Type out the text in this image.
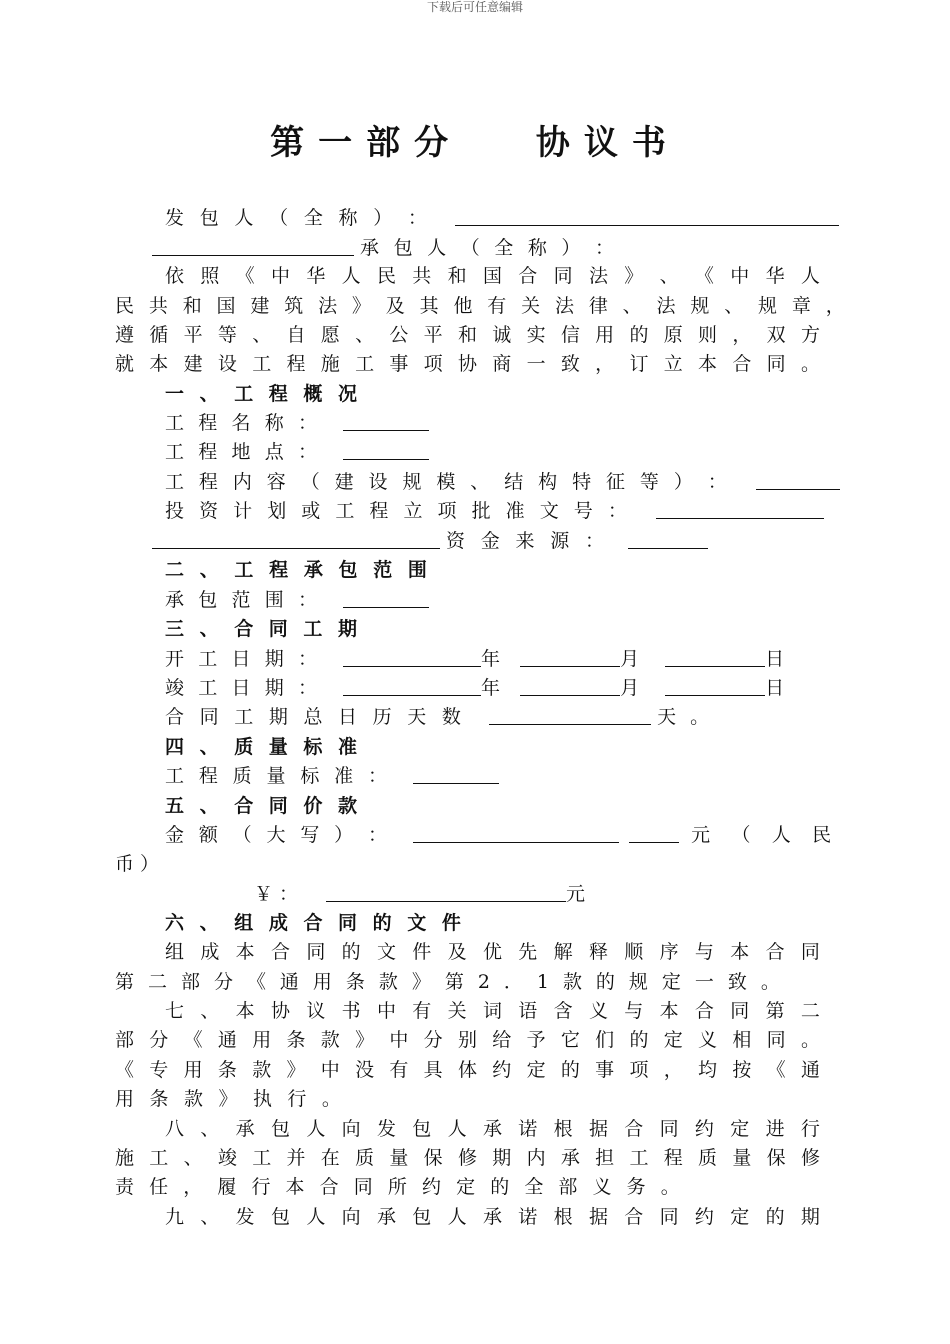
下载后可任意编辑
第一部分　 协议书
发 包 人 （ 全 称 ） ：
承 包 人 （ 全 称 ） ：
依 照 《 中 华 人 民 共 和 国 合 同 法 》 、 《 中 华 人
民 共 和 国 建 筑 法 》 及 其 他 有 关 法 律 、 法 规 、 规 章 ，
遵 循 平 等 、 自 愿 、 公 平 和 诚 实 信 用 的 原 则 ， 双 方
就 本 建 设 工 程 施 工 事 项 协 商 一 致 ， 订 立 本 合 同 。
一 、 工 程 概 况
工 程 名 称 ：
工 程 地 点 ：
工 程 内 容 （ 建 设 规 模 、 结 构 特 征 等 ） ：
投 资 计 划 或 工 程 立 项 批 准 文 号 ：
资 金 来 源 ：
二 、 工 程 承 包 范 围
承 包 范 围 ：
三 、 合 同 工 期
开 工 日 期 ：	年	月	日
竣 工 日 期 ：	年	月	日
合 同 工 期 总 日 历 天 数	天 。
四 、 质 量 标 准
工 程 质 量 标 准 ：
五 、 合 同 价 款
金 额 （ 大 写 ） ：	元 （ 人 民
币 ）
￥ ：	元
六 、 组 成 合 同 的 文 件
组 成 本 合 同 的 文 件 及 优 先 解 释 顺 序 与 本 合 同
第 二 部 分 《 通 用 条 款 》 第 2 ． 1 款 的 规 定 一 致 。
七 、 本 协 议 书 中 有 关 词 语 含 义 与 本 合 同 第 二
部 分 《 通 用 条 款 》 中 分 别 给 予 它 们 的 定 义 相 同 。
《 专 用 条 款 》 中 没 有 具 体 约 定 的 事 项 ， 均 按 《 通
用 条 款 》 执 行 。
八 、 承 包 人 向 发 包 人 承 诺 根 据 合 同 约 定 进 行
施 工 、 竣 工 并 在 质 量 保 修 期 内 承 担 工 程 质 量 保 修
责 任 ， 履 行 本 合 同 所 约 定 的 全 部 义 务 。
九 、 发 包 人 向 承 包 人 承 诺 根 据 合 同 约 定 的 期
